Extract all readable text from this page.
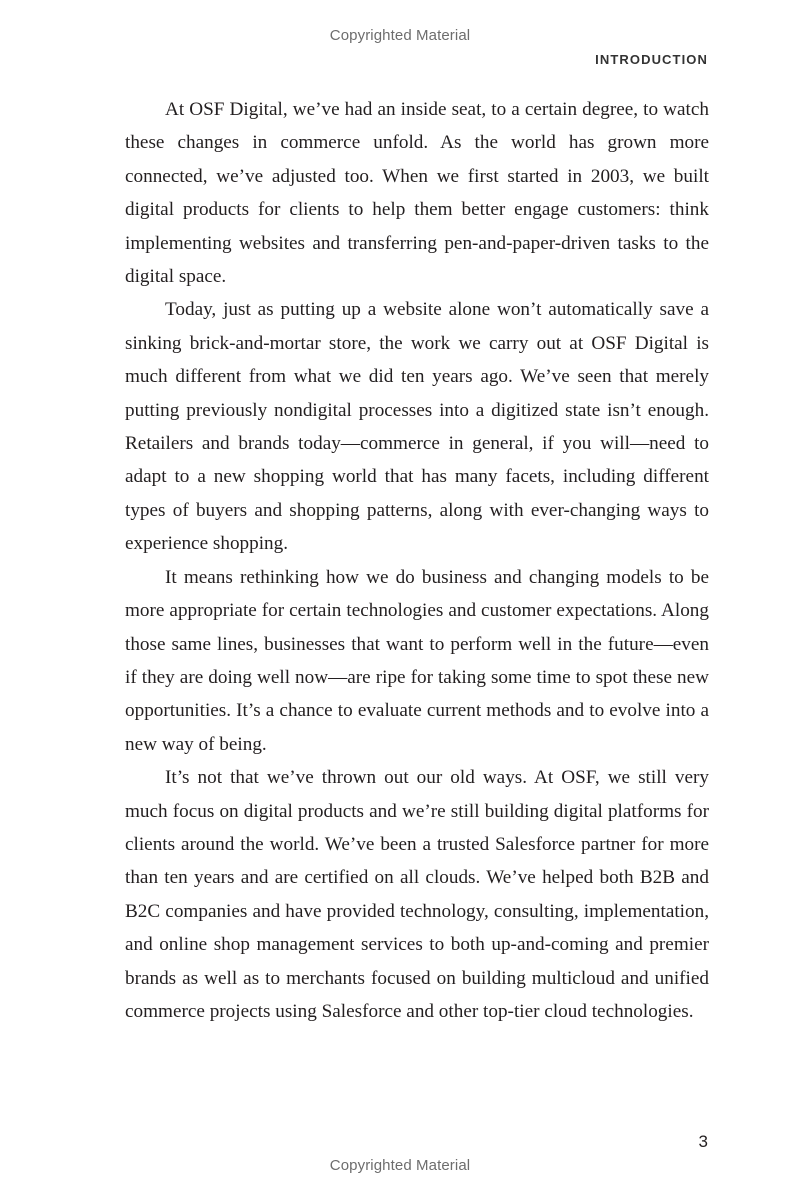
Copyrighted Material
INTRODUCTION

At OSF Digital, we’ve had an inside seat, to a certain degree, to watch these changes in commerce unfold. As the world has grown more connected, we’ve adjusted too. When we first started in 2003, we built digital products for clients to help them better engage customers: think implementing websites and transferring pen-and-paper-driven tasks to the digital space.

Today, just as putting up a website alone won’t automatically save a sinking brick-and-mortar store, the work we carry out at OSF Digital is much different from what we did ten years ago. We’ve seen that merely putting previously nondigital processes into a digitized state isn’t enough. Retailers and brands today—commerce in general, if you will—need to adapt to a new shopping world that has many facets, including different types of buyers and shopping patterns, along with ever-changing ways to experience shopping.

It means rethinking how we do business and changing models to be more appropriate for certain technologies and customer expectations. Along those same lines, businesses that want to perform well in the future—even if they are doing well now—are ripe for taking some time to spot these new opportunities. It’s a chance to evaluate current methods and to evolve into a new way of being.

It’s not that we’ve thrown out our old ways. At OSF, we still very much focus on digital products and we’re still building digital platforms for clients around the world. We’ve been a trusted Salesforce partner for more than ten years and are certified on all clouds. We’ve helped both B2B and B2C companies and have provided technology, consulting, implementation, and online shop management services to both up-and-coming and premier brands as well as to merchants focused on building multicloud and unified commerce projects using Salesforce and other top-tier cloud technologies.

3
Copyrighted Material
